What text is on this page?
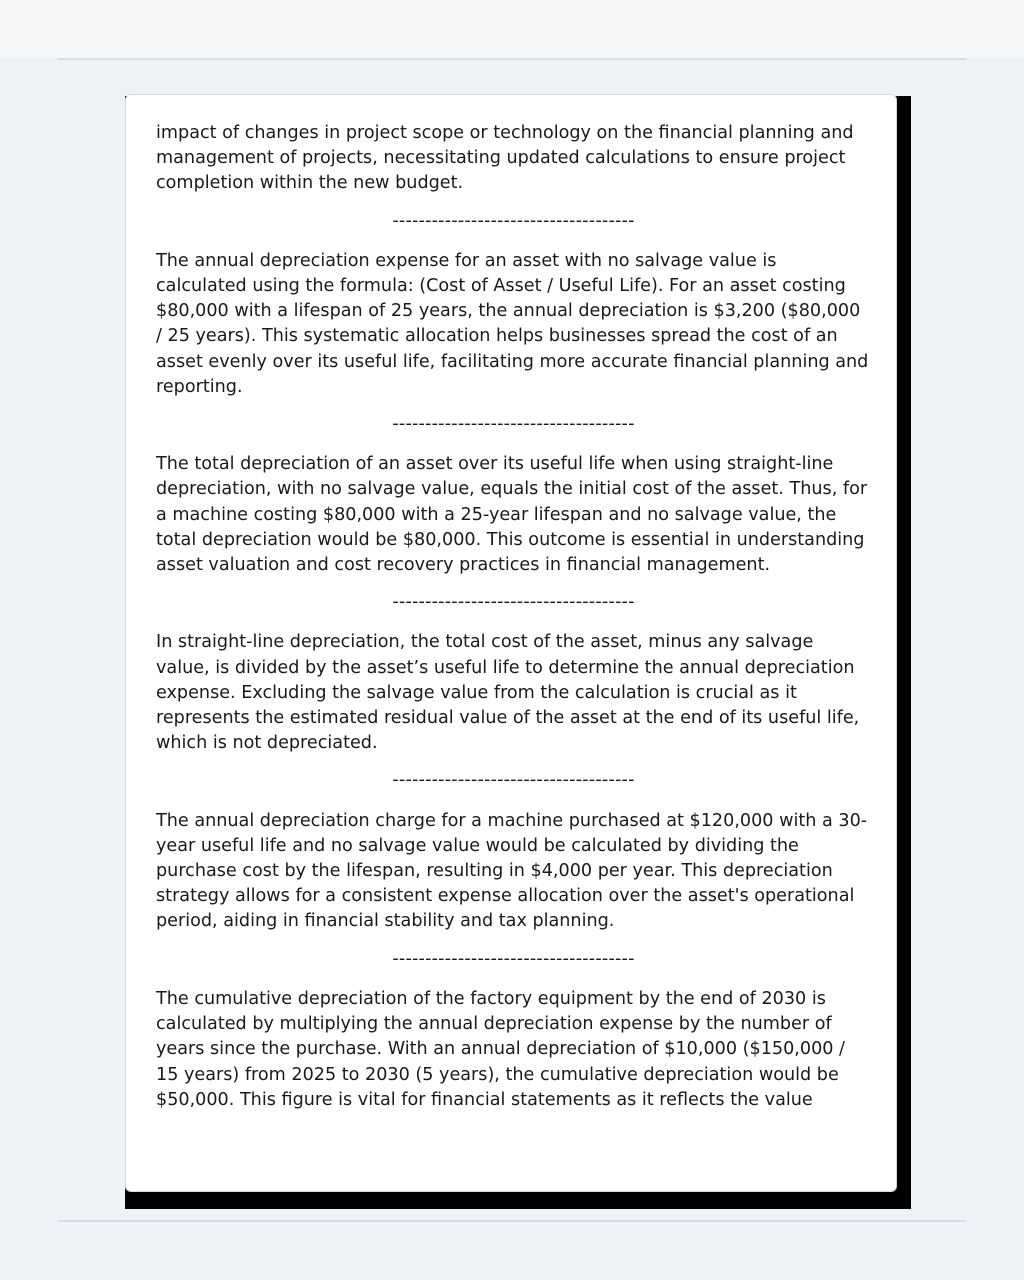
impact of changes in project scope or technology on the financial planning and management of projects, necessitating updated calculations to ensure project completion within the new budget.

-------------------------------------

The annual depreciation expense for an asset with no salvage value is calculated using the formula: (Cost of Asset / Useful Life). For an asset costing $80,000 with a lifespan of 25 years, the annual depreciation is $3,200 ($80,000 / 25 years). This systematic allocation helps businesses spread the cost of an asset evenly over its useful life, facilitating more accurate financial planning and reporting.

-------------------------------------

The total depreciation of an asset over its useful life when using straight-line depreciation, with no salvage value, equals the initial cost of the asset. Thus, for a machine costing $80,000 with a 25-year lifespan and no salvage value, the total depreciation would be $80,000. This outcome is essential in understanding asset valuation and cost recovery practices in financial management.

-------------------------------------

In straight-line depreciation, the total cost of the asset, minus any salvage value, is divided by the asset’s useful life to determine the annual depreciation expense. Excluding the salvage value from the calculation is crucial as it represents the estimated residual value of the asset at the end of its useful life, which is not depreciated.

-------------------------------------

The annual depreciation charge for a machine purchased at $120,000 with a 30-year useful life and no salvage value would be calculated by dividing the purchase cost by the lifespan, resulting in $4,000 per year. This depreciation strategy allows for a consistent expense allocation over the asset's operational period, aiding in financial stability and tax planning.

-------------------------------------

The cumulative depreciation of the factory equipment by the end of 2030 is calculated by multiplying the annual depreciation expense by the number of years since the purchase. With an annual depreciation of $10,000 ($150,000 / 15 years) from 2025 to 2030 (5 years), the cumulative depreciation would be $50,000. This figure is vital for financial statements as it reflects the value
